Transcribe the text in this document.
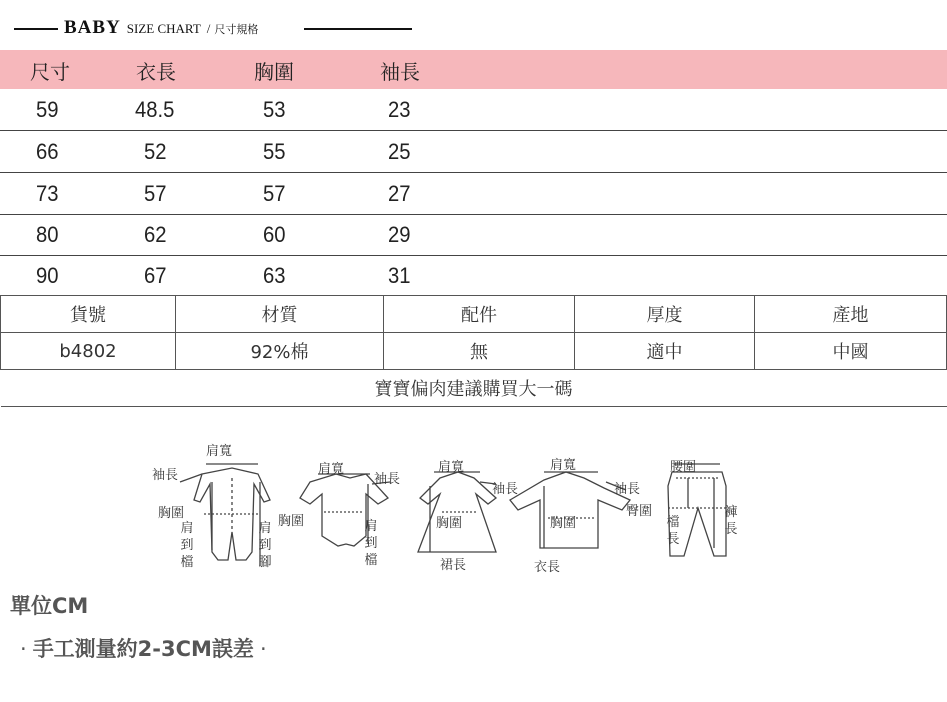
BABY SIZE CHART / 尺寸規格
尺寸	衣長	胸圍	袖長
59	48.5	53	23
66	52	55	25
73	57	57	27
80	62	60	29
90	67	63	31
貨號	材質	配件	厚度	產地
b4802	92%棉	無	適中	中國
寶寶偏肉建議購買大一碼				
肩寬
袖長
胸圍
肩到檔
肩到腳
肩寬
袖長
胸圍	肩到檔
肩寬
袖長
胸圍
裙長
肩寬
袖長
胸圍
衣長
腰圍
臀圍
檔長
褲長
單位CM
· 手工測量約2-3CM誤差 ·
